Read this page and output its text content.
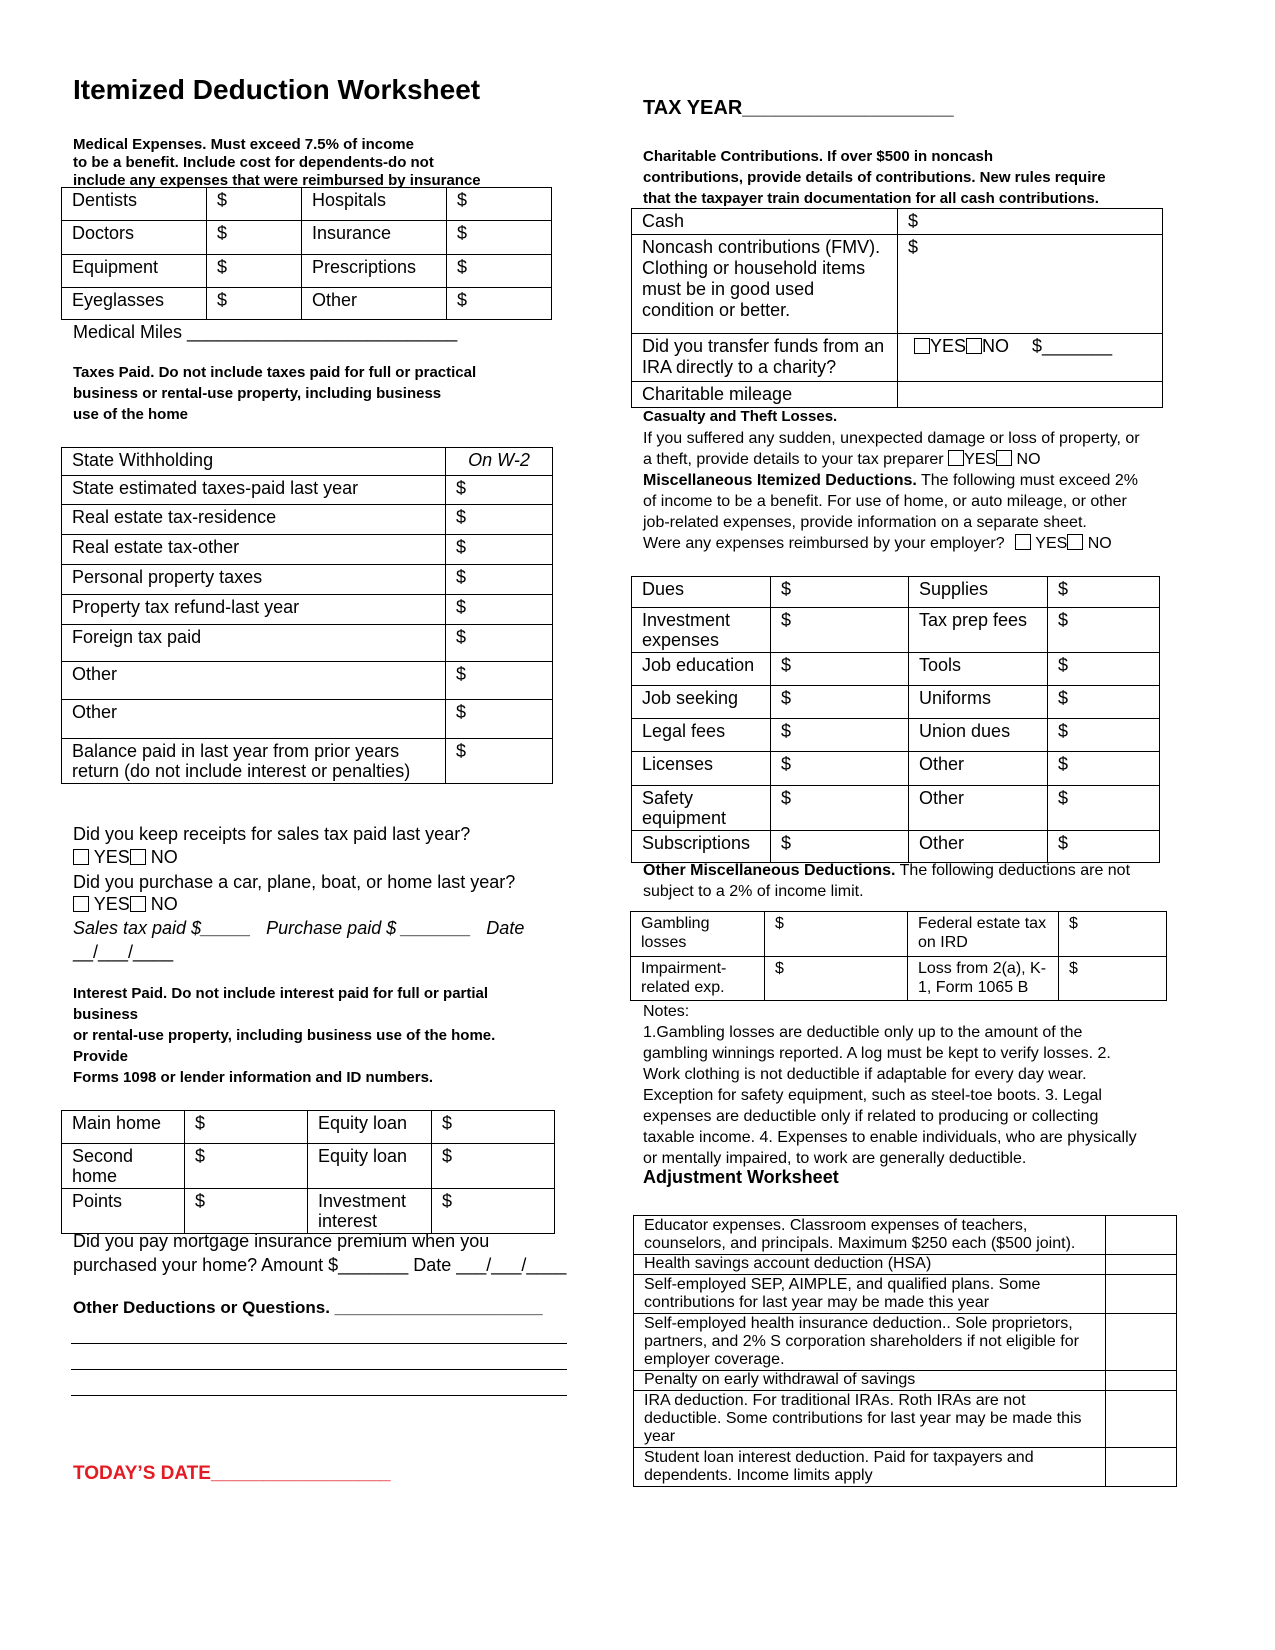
Itemized Deduction Worksheet
Medical Expenses. Must exceed 7.5% of income
to be a benefit. Include cost for dependents-do not
include any expenses that were reimbursed by insurance
Dentists	$	Hospitals	$
Doctors	$	Insurance	$
Equipment	$	Prescriptions	$
Eyeglasses	$	Other	$
Medical Miles ___________________________
Taxes Paid. Do not include taxes paid for full or practical
business or rental-use property, including business
use of the home
State Withholding	On W-2
State estimated taxes-paid last year	$
Real estate tax-residence	$
Real estate tax-other	$
Personal property taxes	$
Property tax refund-last year	$
Foreign tax paid	$
Other	$
Other	$
Balance paid in last year from prior years return (do not include interest or penalties)	$
Did you keep receipts for sales tax paid last year?
YES NO
Did you purchase a car, plane, boat, or home last year?
YES NO
Sales tax paid $_____   Purchase paid $ _______   Date
__/___/____
Interest Paid. Do not include interest paid for full or partial
business
or rental-use property, including business use of the home.
Provide
Forms 1098 or lender information and ID numbers.
Main home	$	Equity loan	$
Second home	$	Equity loan	$
Points	$	Investment interest	$
Did you pay mortgage insurance premium when you
purchased your home? Amount $_______ Date ___/___/____
Other Deductions or Questions. ______________________
TODAY’S DATE_________________
TAX YEAR___________________
Charitable Contributions. If over $500 in noncash
contributions, provide details of contributions. New rules require
that the taxpayer train documentation for all cash contributions.
Cash	$
Noncash contributions (FMV). Clothing or household items must be in good used condition or better.	$
Did you transfer funds from an IRA directly to a charity?	YES NO $_______
Charitable mileage	
Casualty and Theft Losses.
If you suffered any sudden, unexpected damage or loss of property, or
a theft, provide details to your tax preparer YES NO
Miscellaneous Itemized Deductions. The following must exceed 2%
of income to be a benefit. For use of home, or auto mileage, or other
job-related expenses, provide information on a separate sheet.
Were any expenses reimbursed by your employer? YES NO
Dues	$	Supplies	$
Investment expenses	$	Tax prep fees	$
Job education	$	Tools	$
Job seeking	$	Uniforms	$
Legal fees	$	Union dues	$
Licenses	$	Other	$
Safety equipment	$	Other	$
Subscriptions	$	Other	$
Other Miscellaneous Deductions. The following deductions are not
subject to a 2% of income limit.
Gambling losses	$	Federal estate tax on IRD	$
Impairment-related exp.	$	Loss from 2(a), K-1, Form 1065 B	$
Notes:
1.Gambling losses are deductible only up to the amount of the
gambling winnings reported. A log must be kept to verify losses. 2.
Work clothing is not deductible if adaptable for every day wear.
Exception for safety equipment, such as steel-toe boots. 3. Legal
expenses are deductible only if related to producing or collecting
taxable income. 4. Expenses to enable individuals, who are physically
or mentally impaired, to work are generally deductible.
Adjustment Worksheet
Educator expenses. Classroom expenses of teachers, counselors, and principals. Maximum $250 each ($500 joint).	
Health savings account deduction (HSA)	
Self-employed SEP, AIMPLE, and qualified plans. Some contributions for last year may be made this year	
Self-employed health insurance deduction.. Sole proprietors, partners, and 2% S corporation shareholders if not eligible for employer coverage.	
Penalty on early withdrawal of savings	
IRA deduction. For traditional IRAs. Roth IRAs are not deductible. Some contributions for last year may be made this year	
Student loan interest deduction. Paid for taxpayers and dependents. Income limits apply	
